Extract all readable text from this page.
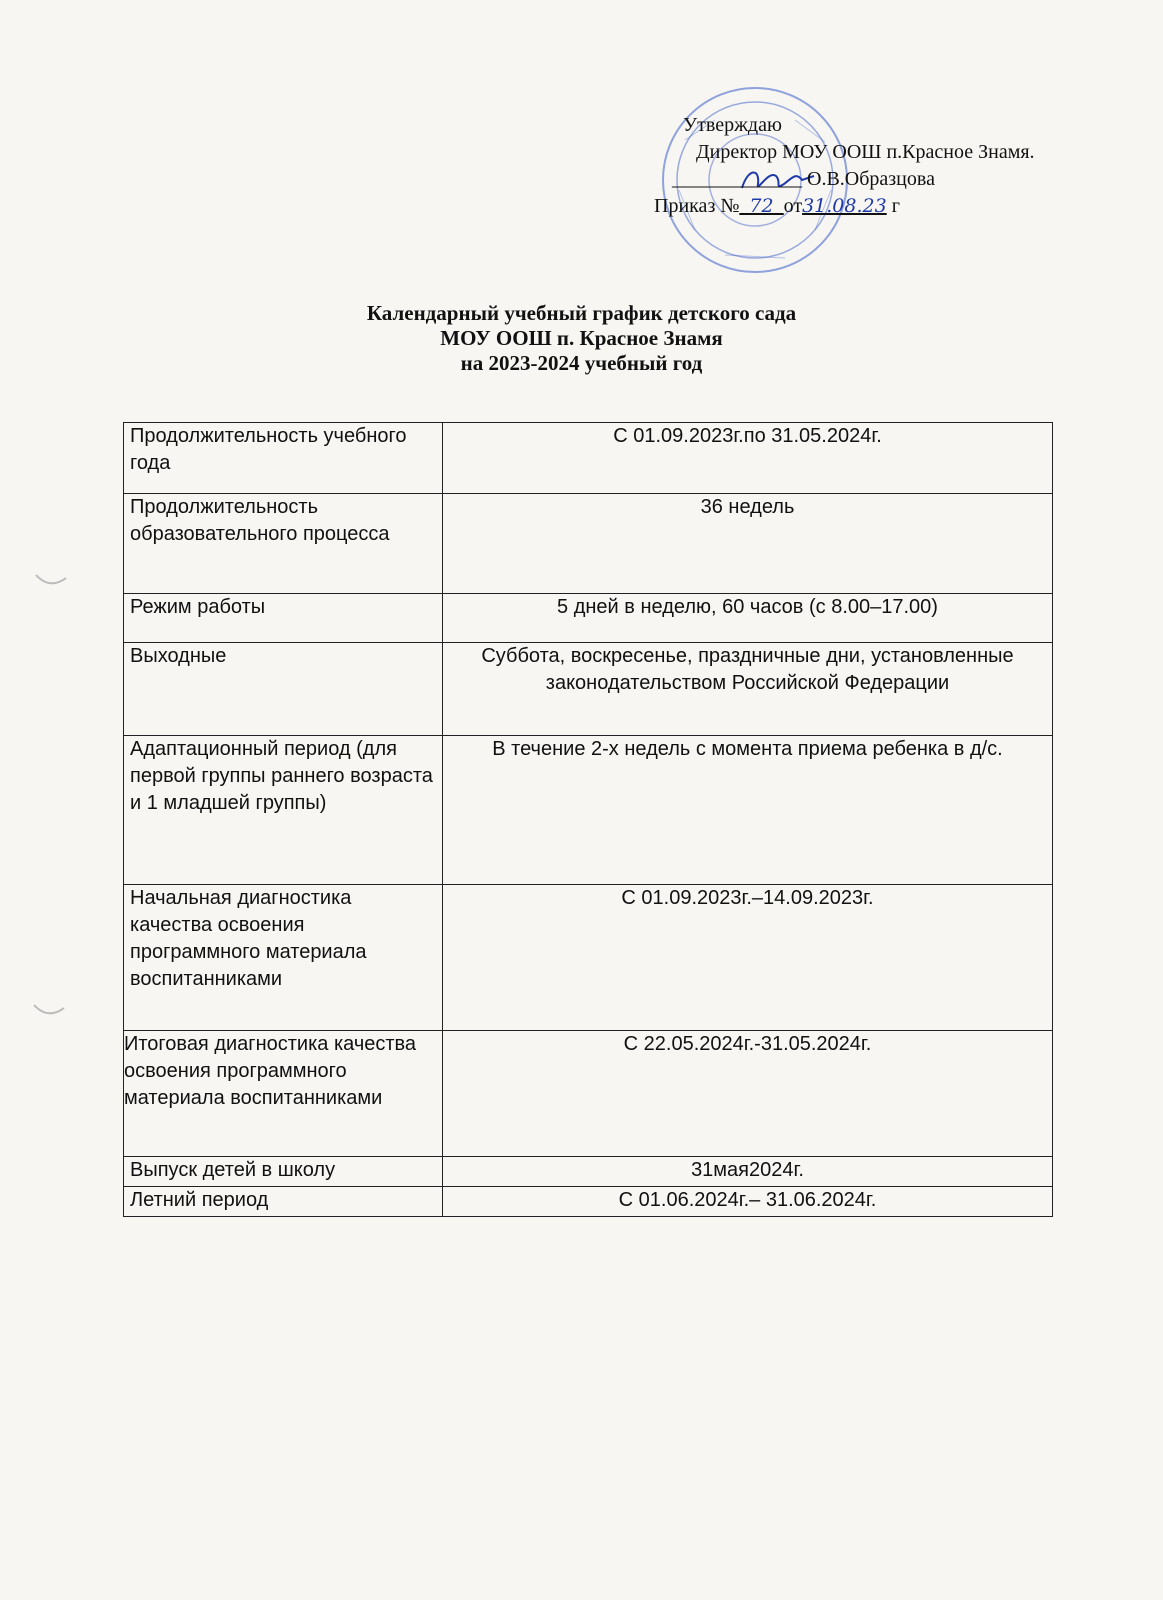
Утверждаю
Директор МОУ ООШ п.Красное Знамя.
_____________ О.В.Образцова
Приказ №_72_от31.08.23 г
Календарный учебный график детского сада
МОУ ООШ п. Красное Знамя
на 2023-2024 учебный год
Продолжительность учебного года	С 01.09.2023г.по 31.05.2024г.
Продолжительность образовательного процесса	36 недель
Режим работы	5 дней в неделю, 60 часов (с 8.00–17.00)
Выходные	Суббота, воскресенье, праздничные дни, установленные законодательством Российской Федерации
Адаптационный период (для первой группы раннего возраста и 1 младшей группы)	В течение 2-х недель с момента приема ребенка в д/с.
Начальная диагностика качества освоения программного материала воспитанниками	С 01.09.2023г.–14.09.2023г.
Итоговая диагностика качества освоения программного материала воспитанниками	С 22.05.2024г.-31.05.2024г.
Выпуск детей в школу	31мая2024г.
Летний период	С 01.06.2024г.– 31.06.2024г.
